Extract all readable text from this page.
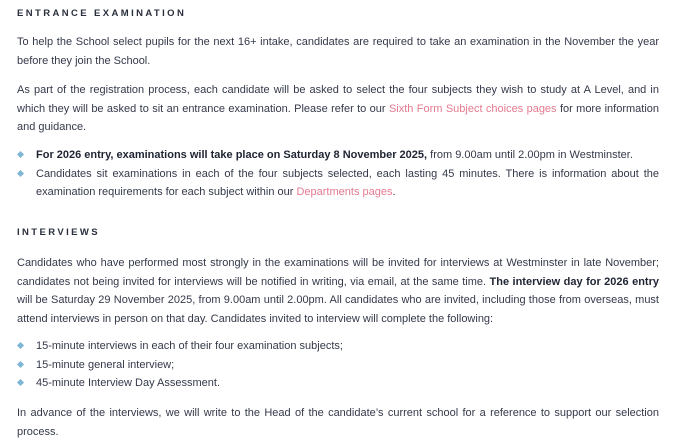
ENTRANCE EXAMINATION

To help the School select pupils for the next 16+ intake, candidates are required to take an examination in the November the year before they join the School.

As part of the registration process, each candidate will be asked to select the four subjects they wish to study at A Level, and in which they will be asked to sit an entrance examination. Please refer to our Sixth Form Subject choices pages for more information and guidance.

For 2026 entry, examinations will take place on Saturday 8 November 2025, from 9.00am until 2.00pm in Westminster.
Candidates sit examinations in each of the four subjects selected, each lasting 45 minutes. There is information about the examination requirements for each subject within our Departments pages.
INTERVIEWS

Candidates who have performed most strongly in the examinations will be invited for interviews at Westminster in late November; candidates not being invited for interviews will be notified in writing, via email, at the same time. The interview day for 2026 entry will be Saturday 29 November 2025, from 9.00am until 2.00pm. All candidates who are invited, including those from overseas, must attend interviews in person on that day. Candidates invited to interview will complete the following:

15-minute interviews in each of their four examination subjects;
15-minute general interview;
45-minute Interview Day Assessment.

In advance of the interviews, we will write to the Head of the candidate’s current school for a reference to support our selection process.
